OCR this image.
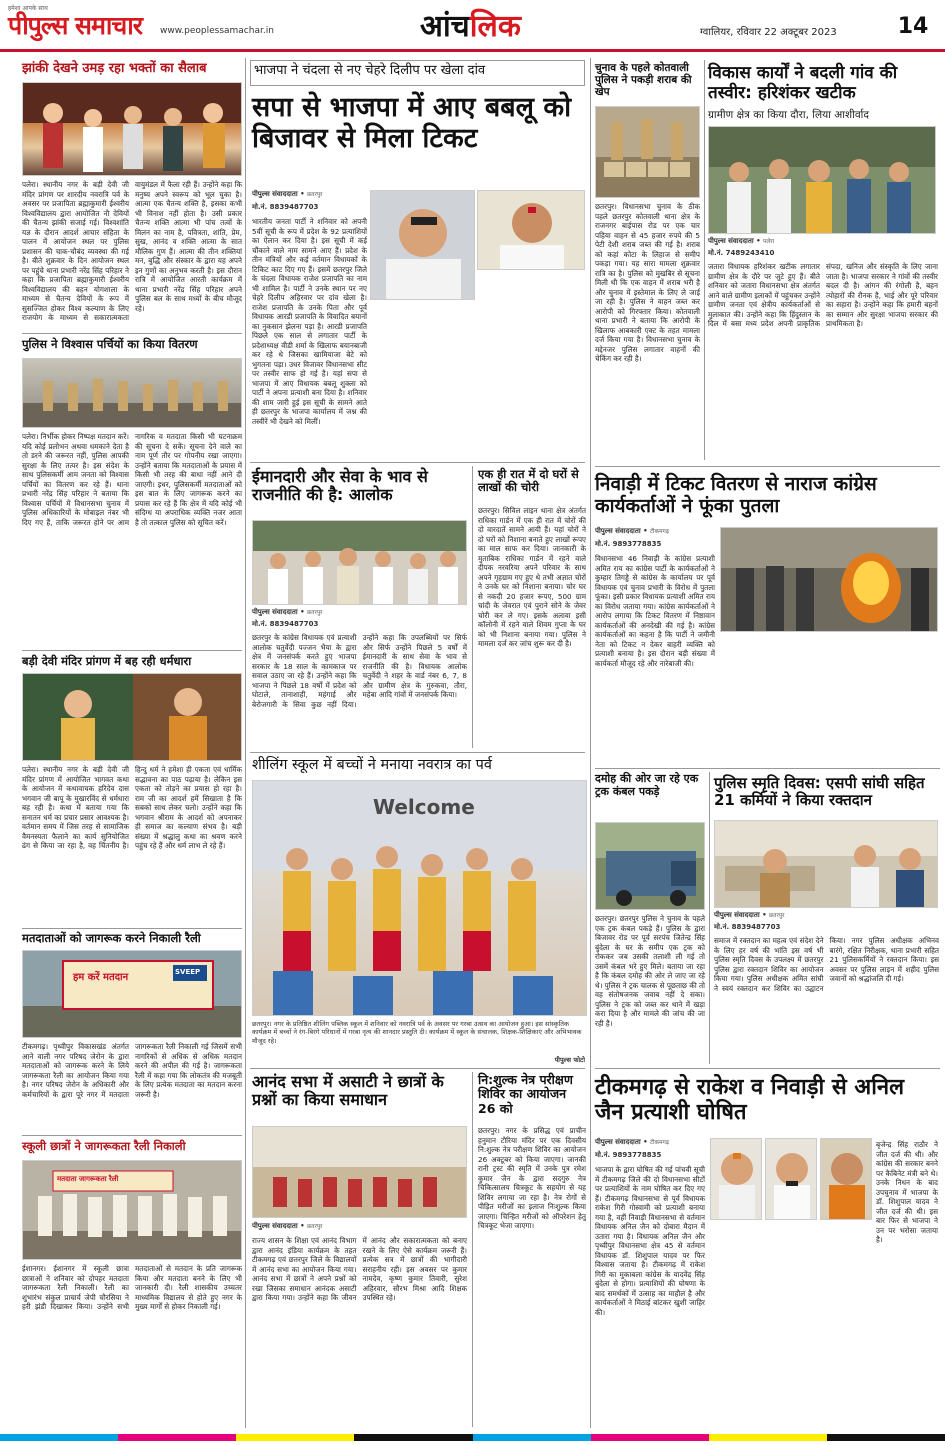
हमेशा आपके साथ
पीपुल्स समाचार www.peoplessamachar.in	आंचलिक	ग्वालियर, रविवार 22 अक्टूबर 2023	14
झांकी देखने उमड़ रहा भक्तों का सैलाब
पलेरा। स्थानीय नगर के बड़ी देवी जी मंदिर प्रांगण पर शारदीय नवरात्रि पर्व के अवसर पर प्रजापिता ब्रह्माकुमारी ईश्वरीय विश्वविद्यालय द्वारा आयोजित नौ देवियों की चैतन्य झांकी सजाई गई। विश्वशांति यज्ञ के दौरान आदर्श आचार संहिता के पालन में आयोजन स्थल पर पुलिस प्रशासन की चाक-चौबंद व्यवस्था की गई है। बीते शुक्रवार के दिन आयोजन स्थल पर पहुंचे थाना प्रभारी नरेंद्र सिंह परिहार ने कहा कि प्रजापिता ब्रह्माकुमारी ईश्वरीय विश्वविद्यालय की बहन योगशाला के माध्यम से चैतन्य देवियों के रूप में सुसज्जित होकर विश्व कल्याण के लिए राजयोग के माध्यम से सकारात्मकता वायुमंडल में फैला रही हैं। उन्होंने कहा कि मनुष्य अपने स्वरूप को भूल चुका है। आत्मा एक चैतन्य शक्ति है, इसका कभी भी विनाश नहीं होता है। उसी प्रकार चैतन्य शक्ति आत्मा भी पांच तत्वों के मिलन का नाम है, पवित्रता, शांति, प्रेम, सुख, आनंद व शक्ति आत्मा के सात मौलिक गुण हैं। आत्मा की तीन शक्तियां मन, बुद्धि और संस्कार के द्वारा यह अपने इन गुणों का अनुभव करती है। इस दौरान रात्रि में आयोजित आरती कार्यक्रम में थाना प्रभारी नरेंद्र सिंह परिहार अपने पुलिस बल के साथ मध्यों के बीच मौजूद रहे।
पुलिस ने विश्वास पर्चियों का किया वितरण
पलेरा। निर्भीक होकर निष्पक्ष मतदान करें। यदि कोई प्रलोभन अथवा धमकाने देता है तो डरने की जरूरत नहीं, पुलिस आपकी सुरक्षा के लिए तत्पर है। इस संदेश के साथ पुलिसकर्मी आम जनता को विश्वास पर्चियों का वितरण कर रहे हैं। थाना प्रभारी नरेंद्र सिंह परिहार ने बताया कि विश्वास पर्चियों में विधानसभा चुनाव में पुलिस अधिकारियों के मोबाइल नंबर भी दिए गए हैं, ताकि जरूरत होने पर आम नागरिक व मतदाता किसी भी घटनाक्रम की सूचना दे सकें। सूचना देने वाले का नाम पूर्ण तौर पर गोपनीय रखा जाएगा। उन्होंने बताया कि मतदाताओं के प्रयास में किसी भी तरह की बाधा नहीं आने दी जाएगी। इधर, पुलिसकर्मी मतदाताओं को इस बात के लिए जागरूक करने का प्रयास कर रहे हैं कि क्षेत्र में यदि कोई भी संदिग्ध या अपराधिक व्यक्ति नजर आता है तो तत्काल पुलिस को सूचित करें।
बड़ी देवी मंदिर प्रांगण में बह रही धर्मधारा
पलेरा। स्थानीय नगर के बड़ी देवी जी मंदिर प्रांगण में आयोजित भागवत कथा के आयोजन में कथावाचक हरिदेव दास भगवान जी बापू के मुखारविंद से धर्मधारा बह रही है। कथा में बताया गया कि सनातन धर्म का प्रचार प्रसार आवश्यक है। वर्तमान समय में जिस तरह से सामाजिक वैमनस्यता फैलाने का कार्य सुनियोजित ढंग से किया जा रहा है, वह चिंतनीय है। हिन्दु धर्म ने हमेशा ही एकता एवं धार्मिक सद्भावना का पाठ पढ़ाया है। लेकिन इस एकता को तोड़ने का प्रयास हो रहा है। राम जी का आदर्श हमें सिखाता है कि सबको साथ लेकर चलो। उन्होंने कहा कि भगवान श्रीराम के आदर्श को अपनाकर ही समाज का कल्याण संभव है। बड़ी संख्या में श्रद्धालु कथा का श्रवण करने पहुंच रहे हैं और धर्म लाभ ले रहे हैं।
मतदाताओं को जागरूक करने निकाली रैली
हम करें मतदान	SVEEP
टीकमगढ़। पृथ्वीपुर विकासखंड अंतर्गत आने वाली नगर परिषद जेरोन के द्वारा मतदाताओं को जागरूक करने के लिये जागरूकता रैली का आयोजन किया गया है। नगर परिषद जेरोन के अधिकारी और कर्मचारियों के द्वारा पूरे नगर में मतदाता जागरूकता रैली निकाली गई जिसमें सभी नागरिकों से अधिक से अधिक मतदान करने की अपील की गई है। जागरूकता रैली में कहा गया कि लोकतंत्र की मजबूती के लिए प्रत्येक मतदाता का मतदान करना जरूरी है।
स्कूली छात्रों ने जागरूकता रैली निकाली
मतदाता जागरूकता रैली
ईशानगर। ईशानगर में स्कूली छात्रा छात्राओं ने शनिवार को दोपहर मतदाता जागरूकता रैली निकाली। रैली का शुभारंभ संकुल प्राचार्य जेपी चौरसिया ने हरी झंडी दिखाकर किया। उन्होंने सभी मतदाताओं से मतदान के प्रति जागरूक किया और मतदाता बनने के लिए भी जानकारी दी। रैली शासकीय उच्चतर माध्यमिक विद्यालय से होते हुए नगर के मुख्य मार्गों से होकर निकाली गई।
भाजपा ने चंदला से नए चेहरे दिलीप पर खेला दांव
सपा से भाजपा में आए बबलू को बिजावर से मिला टिकट
पीपुल्स संवाददाता • छतरपुर
मो.नं. 8839487703
भारतीय जनता पार्टी ने शनिवार को अपनी 5वीं सूची के रूप में प्रदेश के 92 प्रत्याशियों का ऐलान कर दिया है। इस सूची में कई चौंकाने वाले नाम सामने आए हैं। प्रदेश के तीन मंत्रियों और कई वर्तमान विधायकों के टिकिट काट दिए गए हैं। इसमें छतरपुर जिले के चंदला विधायक राजेश प्रजापति का नाम भी शामिल है। पार्टी ने उनके स्थान पर नए चेहरे दिलीप अहिरवार पर दांव खेला है। राजेश प्रजापति के उनके पिता और पूर्व विधायक आरडी प्रजापति के विवादित बयानों का नुकसान झेलना पड़ा है। आरडी प्रजापति पिछले एक साल से लगातार पार्टी के प्रदेशाध्यक्ष वीडी शर्मा के खिलाफ बयानबाजी कर रहे थे जिसका खामियाजा बेटे को भुगतना पड़ा। उधर विजावर विधानसभा सीट पर तस्वीर साफ हो गई है। यहां सपा से भाजपा में आए विधायक बबलू शुक्ला को पार्टी ने अपना प्रत्याशी बना दिया है। शनिवार की शाम जारी हुई इस सूची के सामने आते ही छतरपुर के भाजपा कार्यालय में जश्न की तस्वीरें भी देखने को मिलीं।
ईमानदारी और सेवा के भाव से राजनीति की है: आलोक
पीपुल्स संवाददाता • छतरपुर
मो.नं. 8839487703
छतरपुर के कांग्रेस विधायक एवं प्रत्याशी आलोक चतुर्वेदी पज्जन भैया के द्वारा क्षेत्र में जनसंपर्क करते हुए भाजपा सरकार के 18 साल के कामकाज पर सवाल उठाए जा रहे हैं। उन्होंने कहा कि भाजपा ने पिछले 18 वर्षों में प्रदेश को घोटाले, तानाशाही, महंगाई और बेरोजगारी के सिवा कुछ नहीं दिया। उन्होंने कहा कि उपलब्धियों पर सिर्फ और सिर्फ उन्होंने पिछले 5 वर्षों में ईमानदारी के साथ सेवा के भाव से राजनीति की है। विधायक आलोक चतुर्वेदी ने शहर के वार्ड नंबर 6, 7, 8 और ग्रामीण क्षेत्र के गुरुकवा, तौरा, महेबा आदि गांवों में जनसंपर्क किया।
एक ही रात में दो घरों से लाखों की चोरी
छतरपुर। सिविल लाइन थाना क्षेत्र अंतर्गत राधिका गार्डन में एक ही रात में चोरों की दो वारदातें सामने आयी हैं। यहां चोरों ने दो घरों को निशाना बनाते हुए लाखों रूपए का माल साफ कर दिया। जानकारी के मुताबिक राधिका गार्डन में रहने वाले दीपक नरवरिया अपने परिवार के साथ अपने गृहग्राम गए हुए थे तभी अज्ञात चोरों ने उनके घर को निशाना बनाया। चोर घर से नकदी 20 हजार रूपए, 500 ग्राम चांदी के जेवरात एवं पुराने सोने के जेवर चोरी कर ले गए। इसके अलावा इसी कॉलोनी में रहने वाले शिवम गुप्ता के घर को भी निशाना बनाया गया। पुलिस ने मामला दर्ज कर जांच शुरू कर दी है।
शीलिंग स्कूल में बच्चों ने मनाया नवरात्र का पर्व
Welcome
छतरपुर। नगर के प्रतिष्ठित शीलिंग पब्लिक स्कूल में शनिवार को नवरात्रि पर्व के अवसर पर गरबा उत्सव का आयोजन हुआ। इस सांस्कृतिक कार्यक्रम में बच्चों ने रंग-बिरंगे परिधानों में गरबा नृत्य की शानदार प्रस्तुति दी। कार्यक्रम में स्कूल के संचालक, शिक्षक-शिक्षिकाएं और अभिभावक मौजूद रहे।
पीपुल्स फोटो
आनंद सभा में असाटी ने छात्रों के प्रश्नों का किया समाधान
पीपुल्स संवाददाता • छतरपुर
राज्य शासन के शिक्षा एवं आनंद विभाग द्वारा आनंद इंडिया कार्यक्रम के तहत टीकमगढ़ एवं छतरपुर जिले के विद्यालयों में आनंद सभा का आयोजन किया गया। आनंद सभा में छात्रों ने अपने प्रश्नों को रखा जिसका समाधान आनंदक असाटी द्वारा किया गया। उन्होंने कहा कि जीवन में आनंद और सकारात्मकता को बनाए रखने के लिए ऐसे कार्यक्रम जरूरी हैं। प्रत्येक सत्र में छात्रों की भागीदारी सराहनीय रही। इस अवसर पर कुमार नामदेव, कृष्ण कुमार तिवारी, सुरेश अहिरवार, सौरभ मिश्रा आदि शिक्षक उपस्थित रहे।
नि:शुल्क नेत्र परीक्षण शिविर का आयोजन 26 को
छतरपुर। नगर के प्रसिद्ध एवं प्राचीन हनुमान टौरिया मंदिर पर एक दिवसीय नि:शुल्क नेत्र परीक्षण शिविर का आयोजन 26 अक्टूबर को किया जाएगा। जानकी रानी ट्रस्ट की स्मृति में उनके पुत्र रमेश कुमार जैन के द्वारा सदगुरु नेत्र चिकित्सालय चित्रकूट के सहयोग से यह शिविर लगाया जा रहा है। नेत्र रोगों से पीड़ित मरीजों का इलाज निःशुल्क किया जाएगा। चिन्हित मरीजों को ऑपरेशन हेतु चित्रकूट भेजा जाएगा।
चुनाव के पहले कोतवाली पुलिस ने पकड़ी शराब की खेप
छतरपुर। विधानसभा चुनाव के ठीक पहले छतरपुर कोतवाली थाना क्षेत्र के राजनगर बाईपास रोड पर एक चार पहिया वाहन से 45 हजार रुपये की 5 पेटी देशी शराब जब्त की गई है। शराब को कहां कोटा के लिहाज से समीप पकड़ा गया। यह सारा मामला शुक्रवार रात्रि का है। पुलिस को मुखबिर से सूचना मिली थी कि एक वाहन में शराब भरी है और चुनाव में इस्तेमाल के लिए ले जाई जा रही है। पुलिस ने वाहन जब्त कर आरोपी को गिरफ्तार किया। कोतवाली थाना प्रभारी ने बताया कि आरोपी के खिलाफ आबकारी एक्ट के तहत मामला दर्ज किया गया है। विधानसभा चुनाव के मद्देनजर पुलिस लगातार वाहनों की चेकिंग कर रही है।
विकास कार्यों ने बदली गांव की तस्वीर: हरिशंकर खटीक
ग्रामीण क्षेत्र का किया दौरा, लिया आशीर्वाद
पीपुल्स संवाददाता • पलेरा
मो.नं. 7489243410
जतारा विधायक हरिशंकर खटीक लगातार ग्रामीण क्षेत्र के दौरे पर जुटे हुए हैं। बीते शनिवार को जतारा विधानसभा क्षेत्र अंतर्गत आने वाले ग्रामीण इलाकों में पहुंचकर उन्होंने ग्रामीण जनता एवं क्षेत्रीय कार्यकर्ताओं से मुलाकात की। उन्होंने कहा कि हिंदुस्तान के दिल में बसा मध्य प्रदेश अपनी प्राकृतिक संपदा, खनिज और संस्कृति के लिए जाना जाता है। भाजपा सरकार ने गांवों की तस्वीर बदल दी है। आंगन की रंगोली है, बहन त्योहारों की रौनक है, भाई और पूरे परिवार का सहारा है। उन्होंने कहा कि हमारी बहनों का सम्मान और सुरक्षा भाजपा सरकार की प्राथमिकता है।
निवाड़ी में टिकट वितरण से नाराज कांग्रेस कार्यकर्ताओं ने फूंका पुतला
पीपुल्स संवाददाता • टीकमगढ़
मो.नं. 9893778835
विधानसभा 46 निवाड़ी के कांग्रेस प्रत्याशी अमित राय का कांग्रेस पार्टी के कार्यकर्ताओं ने कुम्हार तिगड्डे से कांग्रेस के कार्यालय पर पूर्व विधायक एवं चुनाव प्रभारी के विरोध में पुतला फूंका। इसी प्रकार विधायक प्रत्याशी अमित राय का विरोध जताया गया। कांग्रेस कार्यकर्ताओं ने आरोप लगाया कि टिकट वितरण में निष्ठावान कार्यकर्ताओं की अनदेखी की गई है। कांग्रेस कार्यकर्ताओं का कहना है कि पार्टी ने जमीनी नेता को टिकट न देकर बाहरी व्यक्ति को प्रत्याशी बनाया है। इस दौरान बड़ी संख्या में कार्यकर्ता मौजूद रहे और नारेबाजी की।
दमोह की ओर जा रहे एक ट्रक कंबल पकड़े
छतरपुर। छतरपुर पुलिस ने चुनाव के पहले एक ट्रक कंबल पकड़े हैं। पुलिस के द्वारा बिजावर रोड पर पूर्व सरपंच जितेन्द्र सिंह बुंदेला के घर के समीप एक ट्रक को रोककर जब उसकी तलाशी ली गई तो उसमें कंबल भरे हुए मिले। बताया जा रहा है कि कंबल दमोह की ओर ले जाए जा रहे थे। पुलिस ने ट्रक चालक से पूछताछ की तो वह संतोषजनक जवाब नहीं दे सका। पुलिस ने ट्रक को जब्त कर थाने में खड़ा करा दिया है और मामले की जांच की जा रही है।
पुलिस स्मृति दिवस: एसपी सांघी सहित 21 कर्मियों ने किया रक्तदान
पीपुल्स संवाददाता • छतरपुर
मो.नं. 8839487703
समाज में रक्तदान का महत्व एवं संदेश देने के लिए हर वर्ष की भांति इस वर्ष भी पुलिस स्मृति दिवस के उपलक्ष्य में छतरपुर पुलिस द्वारा रक्तदान शिविर का आयोजन किया गया। पुलिस अधीक्षक अमित सांघी ने स्वयं रक्तदान कर शिविर का उद्घाटन किया। नगर पुलिस अधीक्षक अभिनव बारंगे, रक्षित निरीक्षक, थाना प्रभारी सहित 21 पुलिसकर्मियों ने रक्तदान किया। इस अवसर पर पुलिस लाइन में शहीद पुलिस जवानों को श्रद्धांजलि दी गई।
टीकमगढ़ से राकेश व निवाड़ी से अनिल जैन प्रत्याशी घोषित
पीपुल्स संवाददाता • टीकमगढ़
मो.नं. 9893778835
भाजपा के द्वारा घोषित की गई पांचवी सूची में टीकमगढ़ जिले की दो विधानसभा सीटों पर प्रत्याशियों के नाम घोषित कर दिए गए हैं। टीकमगढ़ विधानसभा से पूर्व विधायक राकेश गिरी गोस्वामी को प्रत्याशी बनाया गया है, वहीं निवाड़ी विधानसभा से वर्तमान विधायक अनिल जैन को दोबारा मैदान में उतारा गया है। विधायक अनिल जैन और पृथ्वीपुर विधानसभा क्षेत्र 45 से वर्तमान विधायक डॉ. शिशुपाल यादव पर फिर विश्वास जताया है। टीकमगढ़ में राकेश गिरी का मुकाबला कांग्रेस के यादवेंद्र सिंह बुंदेला से होगा। प्रत्याशियों की घोषणा के बाद समर्थकों में उत्साह का माहौल है और कार्यकर्ताओं ने मिठाई बांटकर खुशी जाहिर की।
बृजेन्द्र सिंह राठौर ने जीत दर्ज की थी। और कांग्रेस की सरकार बनने पर कैबिनेट मंत्री बने थे। उनके निधन के बाद उपचुनाव में भाजपा के डॉ. शिशुपाल यादव ने जीत दर्ज की थी। इस बार फिर से भाजपा ने उन पर भरोसा जताया है।
